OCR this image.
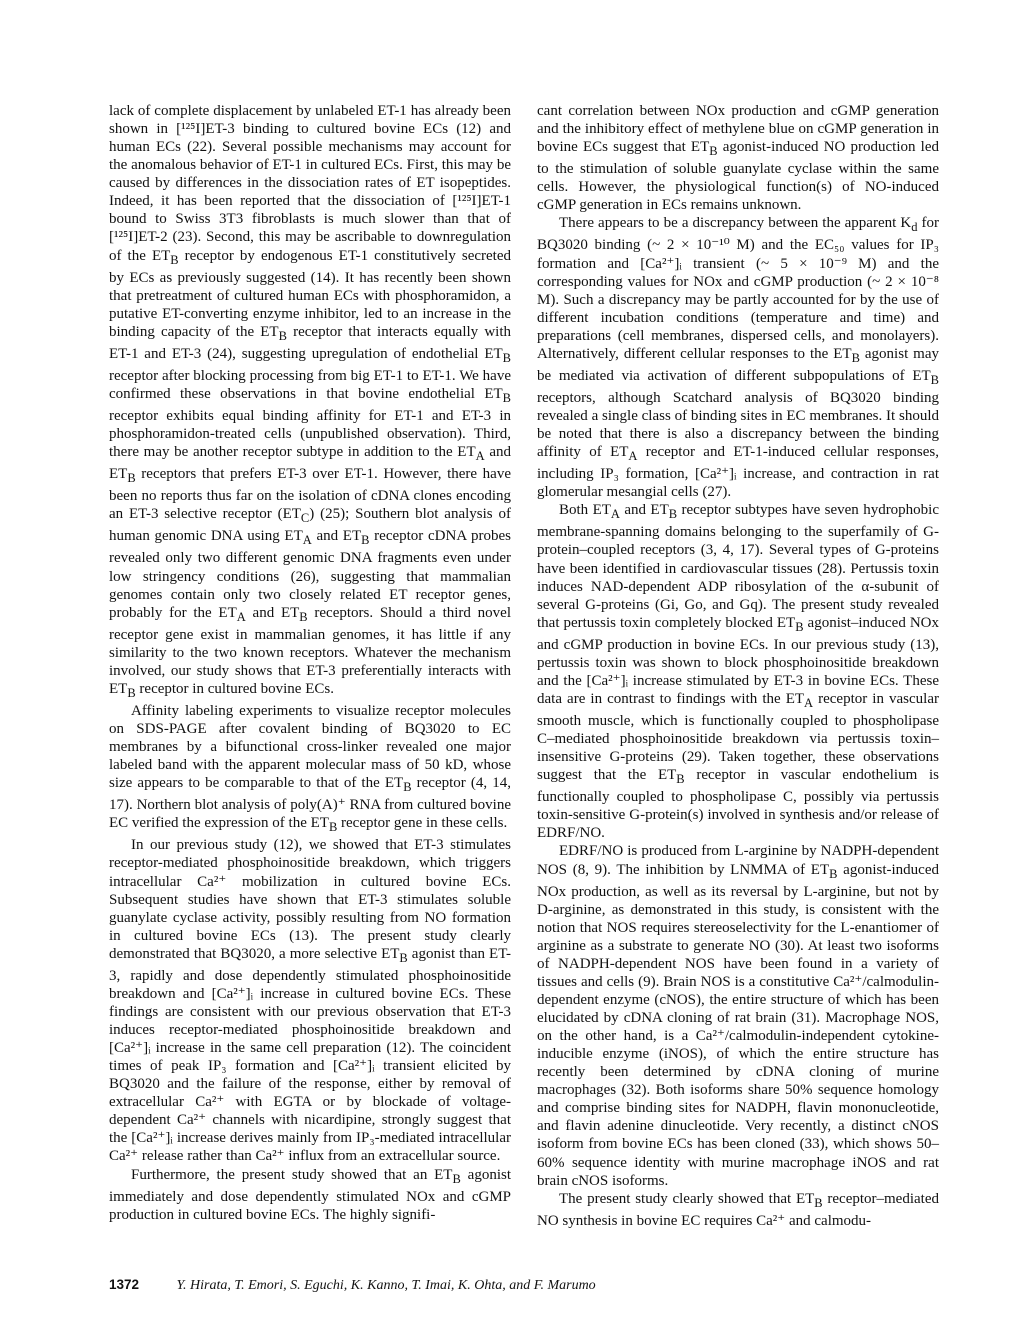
lack of complete displacement by unlabeled ET-1 has already been shown in [¹²⁵I]ET-3 binding to cultured bovine ECs (12) and human ECs (22). Several possible mechanisms may account for the anomalous behavior of ET-1 in cultured ECs. First, this may be caused by differences in the dissociation rates of ET isopeptides. Indeed, it has been reported that the dissociation of [¹²⁵I]ET-1 bound to Swiss 3T3 fibroblasts is much slower than that of [¹²⁵I]ET-2 (23). Second, this may be ascribable to downregulation of the $ET_B$ receptor by endogenous ET-1 constitutively secreted by ECs as previously suggested (14). It has recently been shown that pretreatment of cultured human ECs with phosphoramidon, a putative ET-converting enzyme inhibitor, led to an increase in the binding capacity of the $ET_B$ receptor that interacts equally with ET-1 and ET-3 (24), suggesting upregulation of endothelial $ET_B$ receptor after blocking processing from big ET-1 to ET-1. We have confirmed these observations in that bovine endothelial $ET_B$ receptor exhibits equal binding affinity for ET-1 and ET-3 in phosphoramidon-treated cells (unpublished observation). Third, there may be another receptor subtype in addition to the $ET_A$ and $ET_B$ receptors that prefers ET-3 over ET-1. However, there have been no reports thus far on the isolation of cDNA clones encoding an ET-3 selective receptor $(ET_C)$ (25); Southern blot analysis of human genomic DNA using $ET_A$ and $ET_B$ receptor cDNA probes revealed only two different genomic DNA fragments even under low stringency conditions (26), suggesting that mammalian genomes contain only two closely related ET receptor genes, probably for the $ET_A$ and $ET_B$ receptors. Should a third novel receptor gene exist in mammalian genomes, it has little if any similarity to the two known receptors. Whatever the mechanism involved, our study shows that ET-3 preferentially interacts with $ET_B$ receptor in cultured bovine ECs.

Affinity labeling experiments to visualize receptor molecules on SDS-PAGE after covalent binding of BQ3020 to EC membranes by a bifunctional cross-linker revealed one major labeled band with the apparent molecular mass of 50 kD, whose size appears to be comparable to that of the $ET_B$ receptor (4, 14, 17). Northern blot analysis of poly(A)⁺ RNA from cultured bovine EC verified the expression of the $ET_B$ receptor gene in these cells.

In our previous study (12), we showed that ET-3 stimulates receptor-mediated phosphoinositide breakdown, which triggers intracellular Ca²⁺ mobilization in cultured bovine ECs. Subsequent studies have shown that ET-3 stimulates soluble guanylate cyclase activity, possibly resulting from NO formation in cultured bovine ECs (13). The present study clearly demonstrated that BQ3020, a more selective $ET_B$ agonist than ET-3, rapidly and dose dependently stimulated phosphoinositide breakdown and [Ca²⁺]ᵢ increase in cultured bovine ECs. These findings are consistent with our previous observation that ET-3 induces receptor-mediated phosphoinositide breakdown and [Ca²⁺]ᵢ increase in the same cell preparation (12). The coincident times of peak IP₃ formation and [Ca²⁺]ᵢ transient elicited by BQ3020 and the failure of the response, either by removal of extracellular Ca²⁺ with EGTA or by blockade of voltage-dependent Ca²⁺ channels with nicardipine, strongly suggest that the [Ca²⁺]ᵢ increase derives mainly from IP₃-mediated intracellular Ca²⁺ release rather than Ca²⁺ influx from an extracellular source.

Furthermore, the present study showed that an $ET_B$ agonist immediately and dose dependently stimulated NOx and cGMP production in cultured bovine ECs. The highly signifi-

cant correlation between NOx production and cGMP generation and the inhibitory effect of methylene blue on cGMP generation in bovine ECs suggest that $ET_B$ agonist-induced NO production led to the stimulation of soluble guanylate cyclase within the same cells. However, the physiological function(s) of NO-induced cGMP generation in ECs remains unknown.

There appears to be a discrepancy between the apparent $K_d$ for BQ3020 binding (~ 2 × 10⁻¹⁰ M) and the EC₅₀ values for IP₃ formation and [Ca²⁺]ᵢ transient (~ 5 × 10⁻⁹ M) and the corresponding values for NOx and cGMP production (~ 2 × 10⁻⁸ M). Such a discrepancy may be partly accounted for by the use of different incubation conditions (temperature and time) and preparations (cell membranes, dispersed cells, and monolayers). Alternatively, different cellular responses to the $ET_B$ agonist may be mediated via activation of different subpopulations of $ET_B$ receptors, although Scatchard analysis of BQ3020 binding revealed a single class of binding sites in EC membranes. It should be noted that there is also a discrepancy between the binding affinity of $ET_A$ receptor and ET-1-induced cellular responses, including IP₃ formation, [Ca²⁺]ᵢ increase, and contraction in rat glomerular mesangial cells (27).

Both $ET_A$ and $ET_B$ receptor subtypes have seven hydrophobic membrane-spanning domains belonging to the superfamily of G-protein–coupled receptors (3, 4, 17). Several types of G-proteins have been identified in cardiovascular tissues (28). Pertussis toxin induces NAD-dependent ADP ribosylation of the α-subunit of several G-proteins (Gi, Go, and Gq). The present study revealed that pertussis toxin completely blocked $ET_B$ agonist–induced NOx and cGMP production in bovine ECs. In our previous study (13), pertussis toxin was shown to block phosphoinositide breakdown and the [Ca²⁺]ᵢ increase stimulated by ET-3 in bovine ECs. These data are in contrast to findings with the $ET_A$ receptor in vascular smooth muscle, which is functionally coupled to phospholipase C–mediated phosphoinositide breakdown via pertussis toxin–insensitive G-proteins (29). Taken together, these observations suggest that the $ET_B$ receptor in vascular endothelium is functionally coupled to phospholipase C, possibly via pertussis toxin-sensitive G-protein(s) involved in synthesis and/or release of EDRF/NO.

EDRF/NO is produced from L-arginine by NADPH-dependent NOS (8, 9). The inhibition by LNMMA of $ET_B$ agonist-induced NOx production, as well as its reversal by L-arginine, but not by D-arginine, as demonstrated in this study, is consistent with the notion that NOS requires stereoselectivity for the L-enantiomer of arginine as a substrate to generate NO (30). At least two isoforms of NADPH-dependent NOS have been found in a variety of tissues and cells (9). Brain NOS is a constitutive Ca²⁺/calmodulin-dependent enzyme (cNOS), the entire structure of which has been elucidated by cDNA cloning of rat brain (31). Macrophage NOS, on the other hand, is a Ca²⁺/calmodulin-independent cytokine-inducible enzyme (iNOS), of which the entire structure has recently been determined by cDNA cloning of murine macrophages (32). Both isoforms share 50% sequence homology and comprise binding sites for NADPH, flavin mononucleotide, and flavin adenine dinucleotide. Very recently, a distinct cNOS isoform from bovine ECs has been cloned (33), which shows 50–60% sequence identity with murine macrophage iNOS and rat brain cNOS isoforms.

The present study clearly showed that $ET_B$ receptor–mediated NO synthesis in bovine EC requires Ca²⁺ and calmodu-

1372	Y. Hirata, T. Emori, S. Eguchi, K. Kanno, T. Imai, K. Ohta, and F. Marumo
